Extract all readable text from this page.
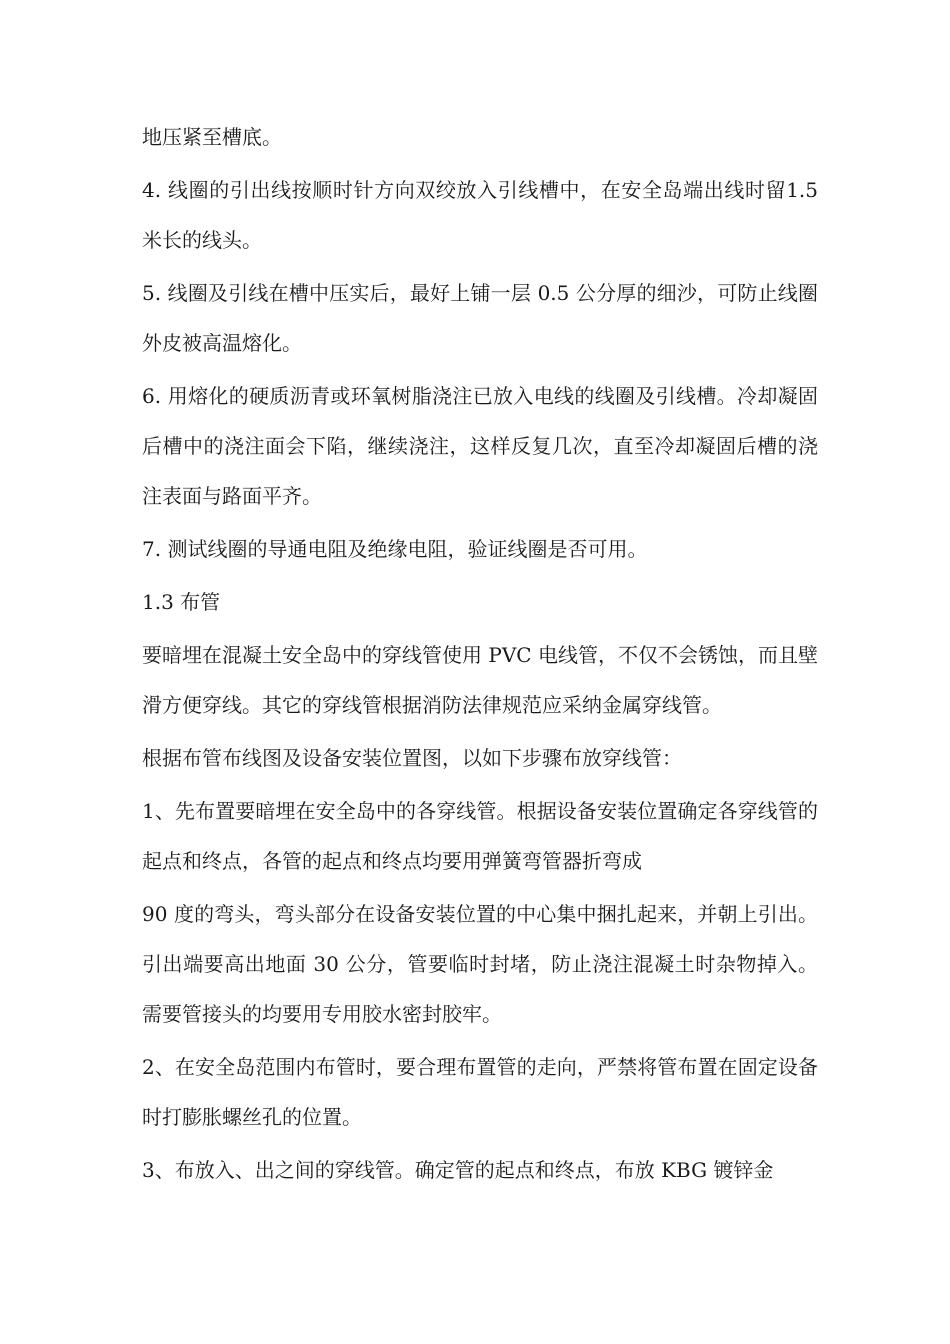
地压紧至槽底。

4. 线圈的引出线按顺时针方向双绞放入引线槽中，在安全岛端出线时留1.5 米长的线头。

5. 线圈及引线在槽中压实后，最好上铺一层 0.5 公分厚的细沙，可防止线圈外皮被高温熔化。

6. 用熔化的硬质沥青或环氧树脂浇注已放入电线的线圈及引线槽。冷却凝固后槽中的浇注面会下陷，继续浇注，这样反复几次，直至冷却凝固后槽的浇注表面与路面平齐。

7. 测试线圈的导通电阻及绝缘电阻，验证线圈是否可用。

1.3 布管

要暗埋在混凝土安全岛中的穿线管使用 PVC 电线管，不仅不会锈蚀，而且壁滑方便穿线。其它的穿线管根据消防法律规范应采纳金属穿线管。

根据布管布线图及设备安装位置图，以如下步骤布放穿线管：

1、先布置要暗埋在安全岛中的各穿线管。根据设备安装位置确定各穿线管的起点和终点，各管的起点和终点均要用弹簧弯管器折弯成

90 度的弯头，弯头部分在设备安装位置的中心集中捆扎起来，并朝上引出。引出端要高出地面 30 公分，管要临时封堵，防止浇注混凝土时杂物掉入。需要管接头的均要用专用胶水密封胶牢。

2、在安全岛范围内布管时，要合理布置管的走向，严禁将管布置在固定设备时打膨胀螺丝孔的位置。

3、布放入、出之间的穿线管。确定管的起点和终点，布放 KBG 镀锌金
